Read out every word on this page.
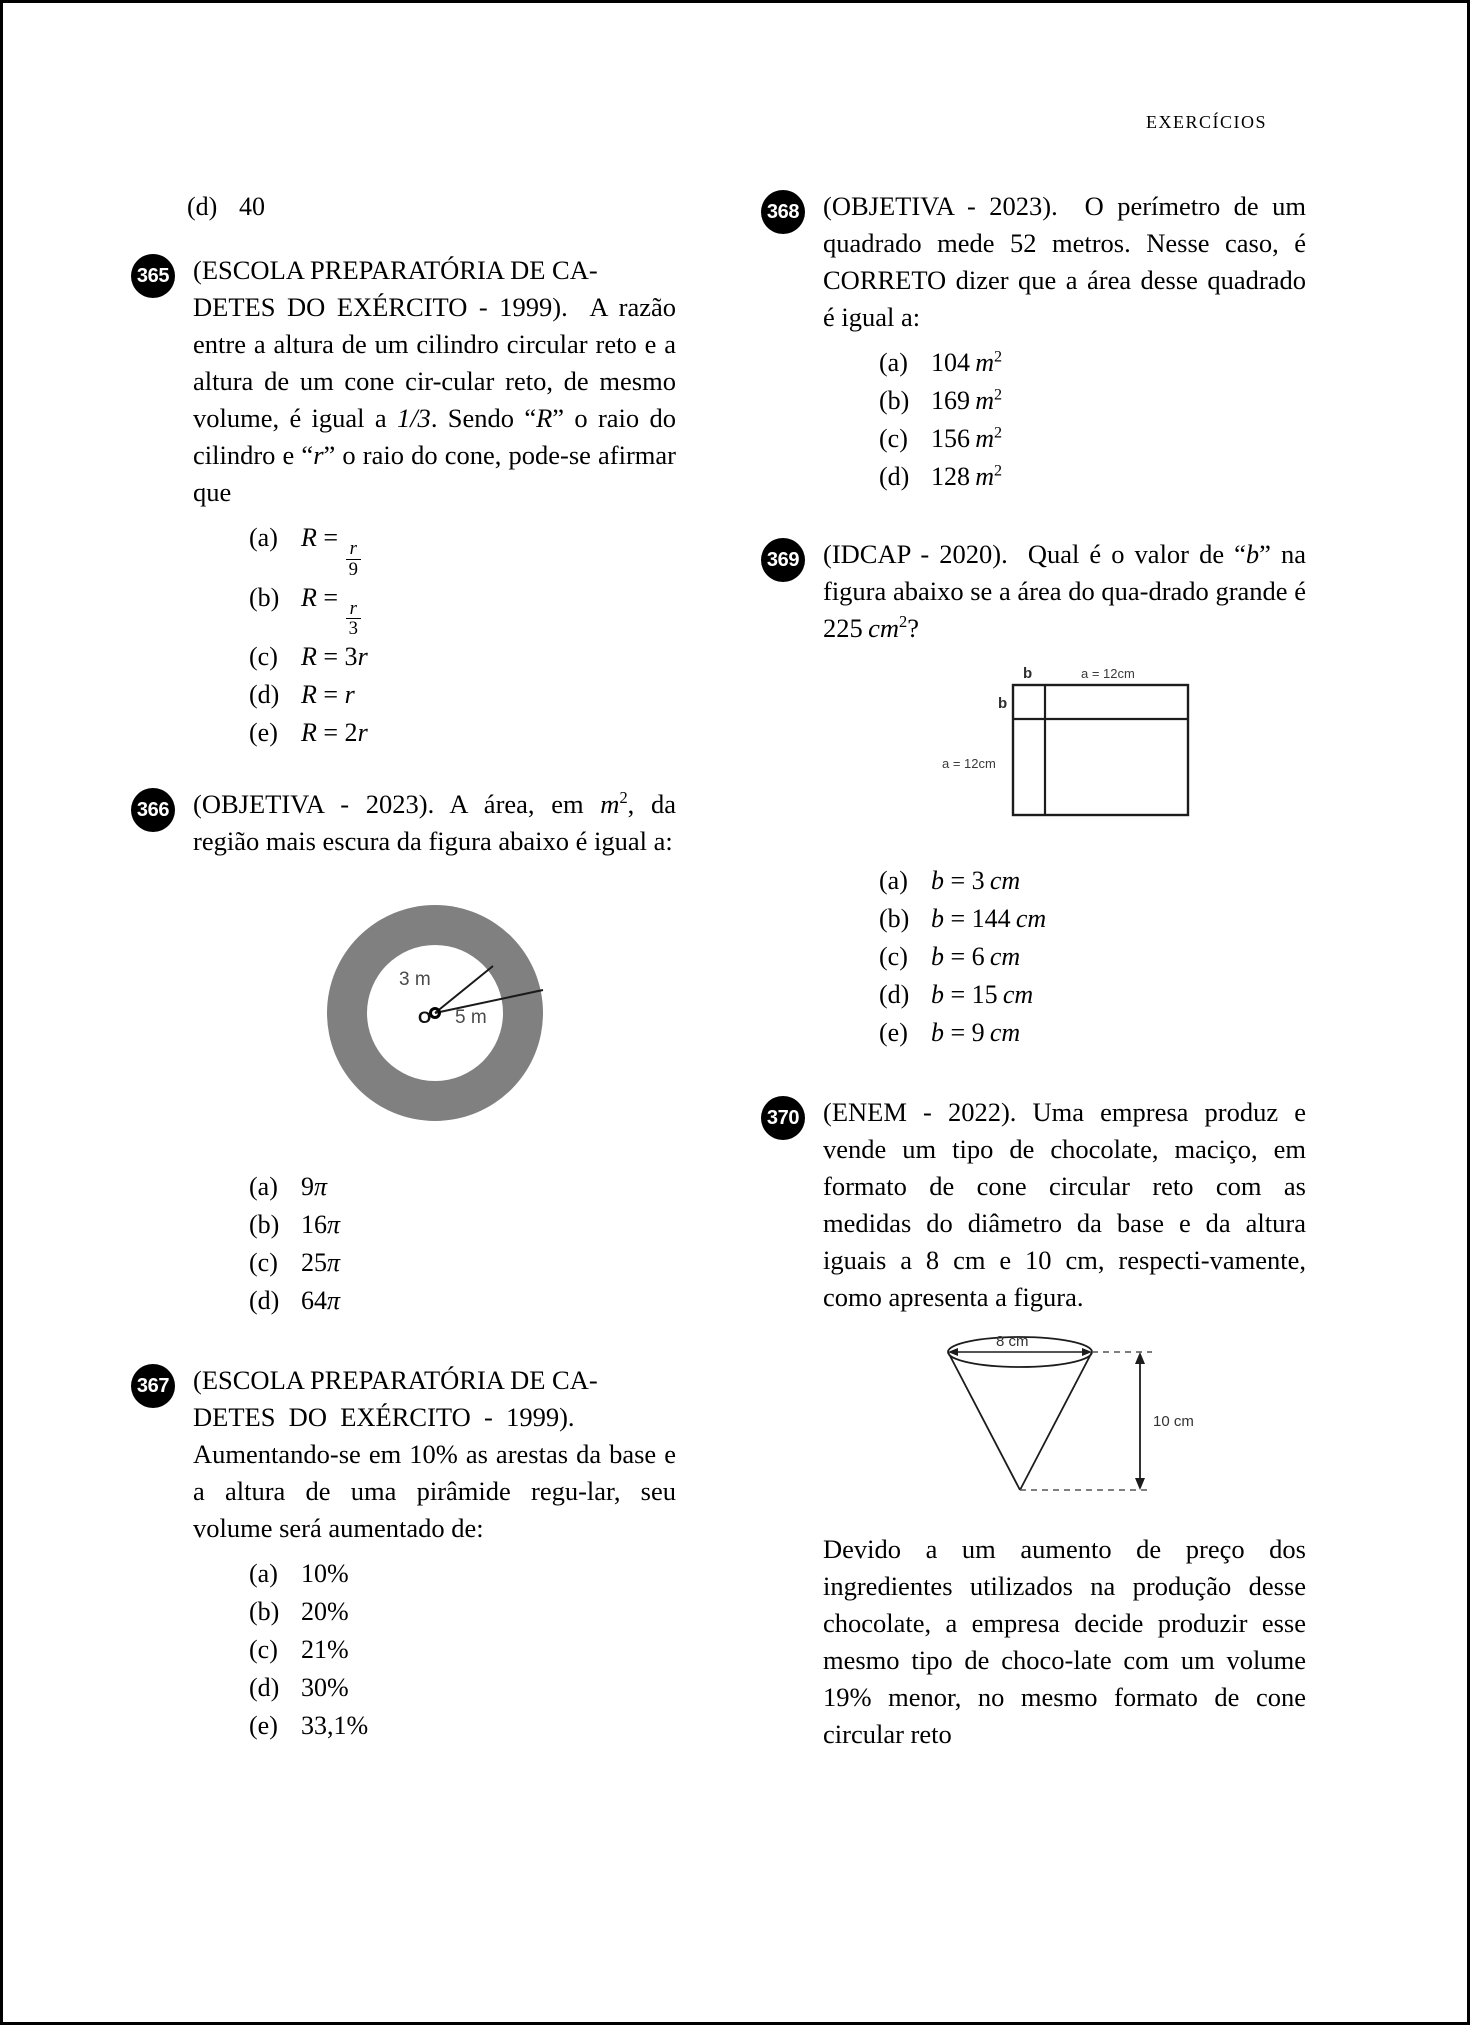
exercícios
(d) 40
365 (ESCOLA PREPARATÓRIA DE CA-
DETES DO EXÉRCITO - 1999).  A razão entre a altura de um cilindro circular reto e a altura de um cone cir-cular reto, de mesmo volume, é igual a 1/3. Sendo “R” o raio do cilindro e “r” o raio do cone, pode-se afirmar que
(a) R =
$\frac{r}{9}$
(b) R =
$\frac{r}{3}$
(c) R = 3r
(d) R = r
(e) R = 2r
366 (OBJETIVA - 2023). A área, em $m^2$, da região mais escura da figura abaixo é igual a:
3 m
5 m
O
(a) 9π
(b) 16π
(c) 25π
(d) 64π
367 (ESCOLA PREPARATÓRIA DE CA-
DETES  DO  EXÉRCITO  -  1999).
Aumentando-se em 10% as arestas da base e a altura de uma pirâmide regu-lar, seu volume será aumentado de:
(a) 10%
(b) 20%
(c) 21%
(d) 30%
(e) 33,1%
368 (OBJETIVA - 2023).  O perímetro de um quadrado mede 52 metros. Nesse caso, é CORRETO dizer que a área desse quadrado é igual a:
(a) 104 $m^2$
(b) 169 $m^2$
(c) 156 $m^2$
(d) 128 $m^2$
369 (IDCAP - 2020).  Qual é o valor de “b” na figura abaixo se a área do qua-drado grande é 225 $cm^2$?
b	a = 12cm
b
a = 12cm
(a) b = 3 cm
(b) b = 144 cm
(c) b = 6 cm
(d) b = 15 cm
(e) b = 9 cm
370 (ENEM - 2022). Uma empresa produz e vende um tipo de chocolate, maciço, em formato de cone circular reto com as medidas do diâmetro da base e da altura iguais a 8 cm e 10 cm, respecti-vamente, como apresenta a figura.
8 cm
10 cm
Devido a um aumento de preço dos ingredientes utilizados na produção desse chocolate, a empresa decide produzir esse mesmo tipo de choco-late com um volume 19% menor, no mesmo formato de cone circular reto
